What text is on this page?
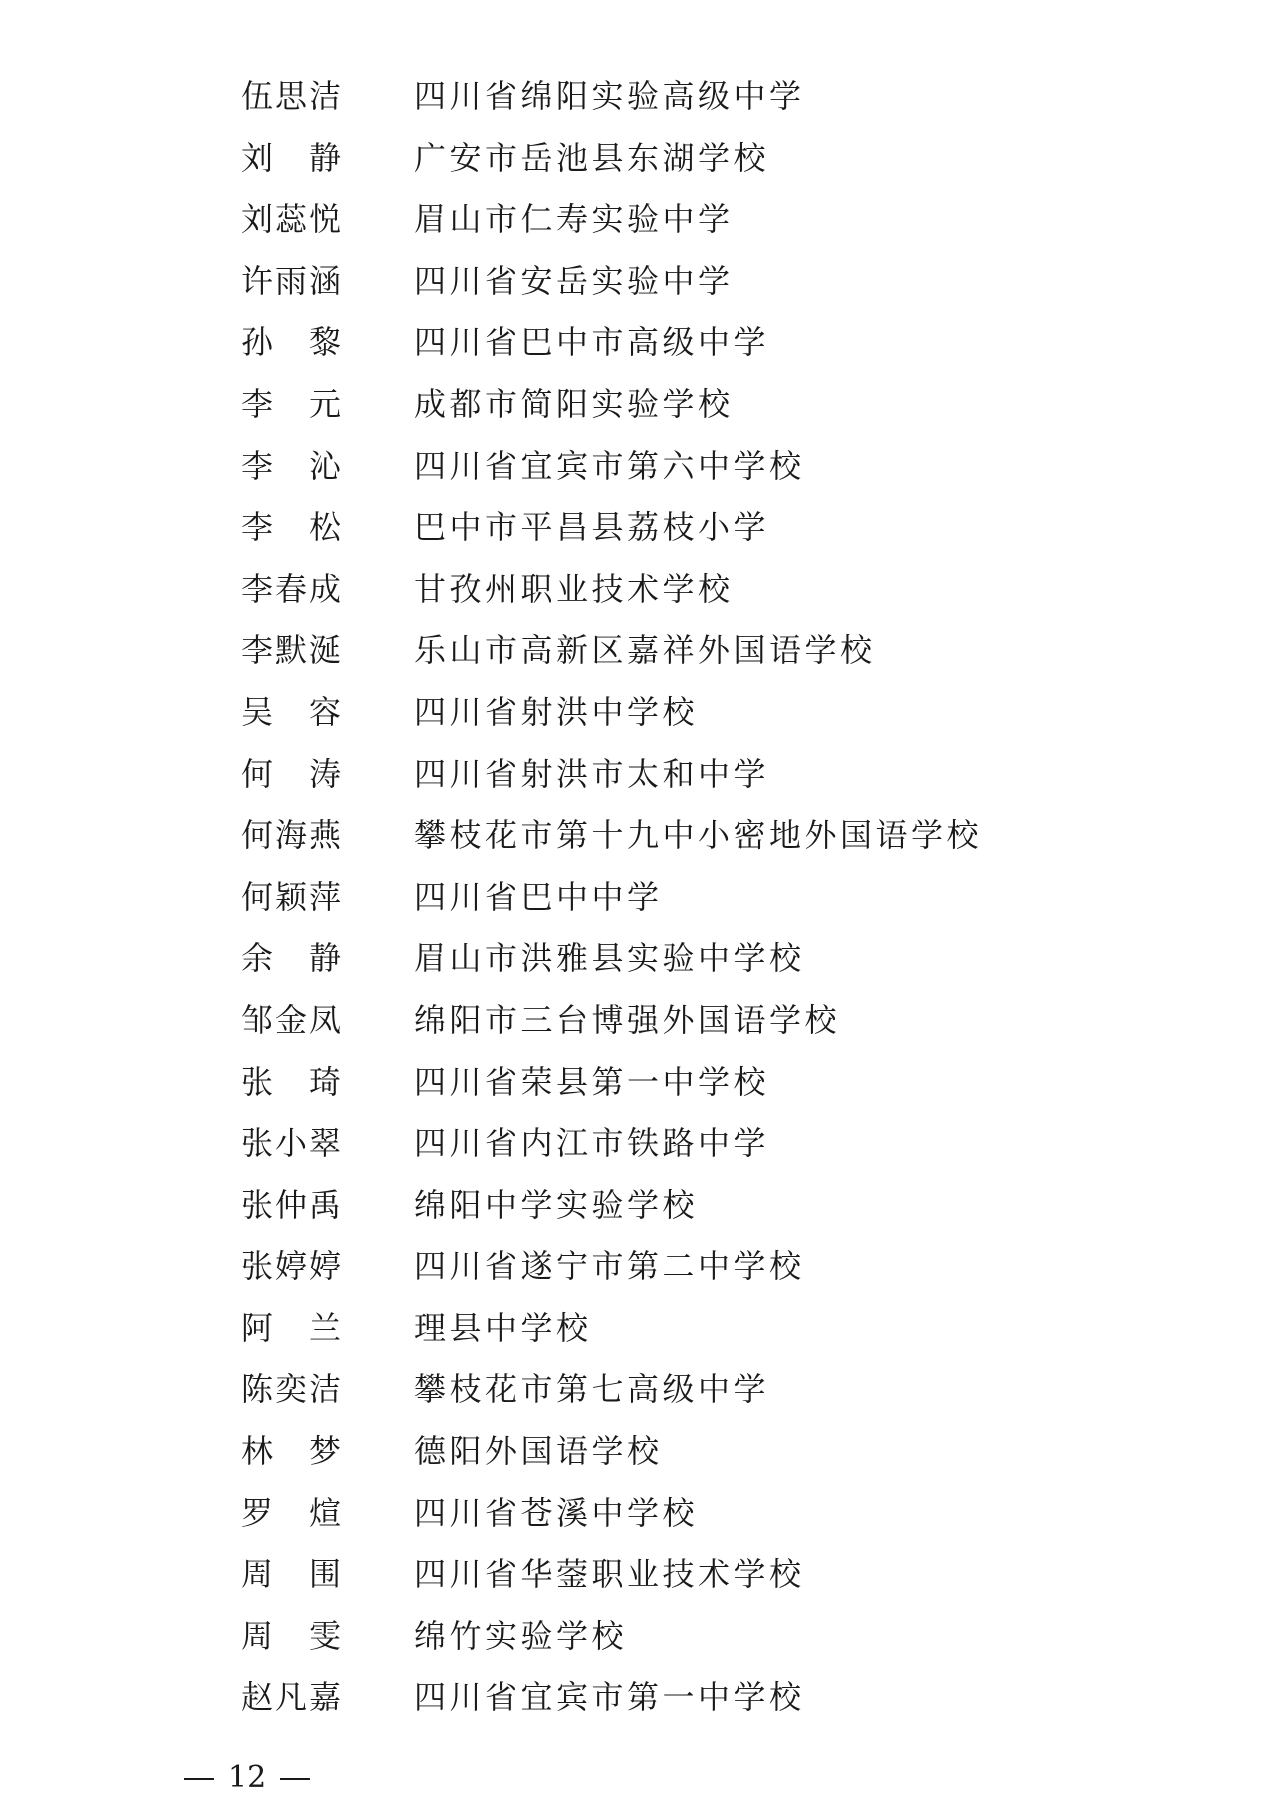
伍 思 洁 四川省绵阳实验高级中学
刘 静 广安市岳池县东湖学校
刘 蕊 悦 眉山市仁寿实验中学
许 雨 涵 四川省安岳实验中学
孙 黎 四川省巴中市高级中学
李 元 成都市简阳实验学校
李 沁 四川省宜宾市第六中学校
李 松 巴中市平昌县荔枝小学
李 春 成 甘孜州职业技术学校
李 默 涎 乐山市高新区嘉祥外国语学校
吴 容 四川省射洪中学校
何 涛 四川省射洪市太和中学
何 海 燕 攀枝花市第十九中小密地外国语学校
何 颖 萍 四川省巴中中学
余 静 眉山市洪雅县实验中学校
邹 金 凤 绵阳市三台博强外国语学校
张 琦 四川省荣县第一中学校
张 小 翠 四川省内江市铁路中学
张 仲 禹 绵阳中学实验学校
张 婷 婷 四川省遂宁市第二中学校
阿 兰 理县中学校
陈 奕 洁 攀枝花市第七高级中学
林 梦 德阳外国语学校
罗 煊 四川省苍溪中学校
周 围 四川省华蓥职业技术学校
周 雯 绵竹实验学校
赵 凡 嘉 四川省宜宾市第一中学校
12
